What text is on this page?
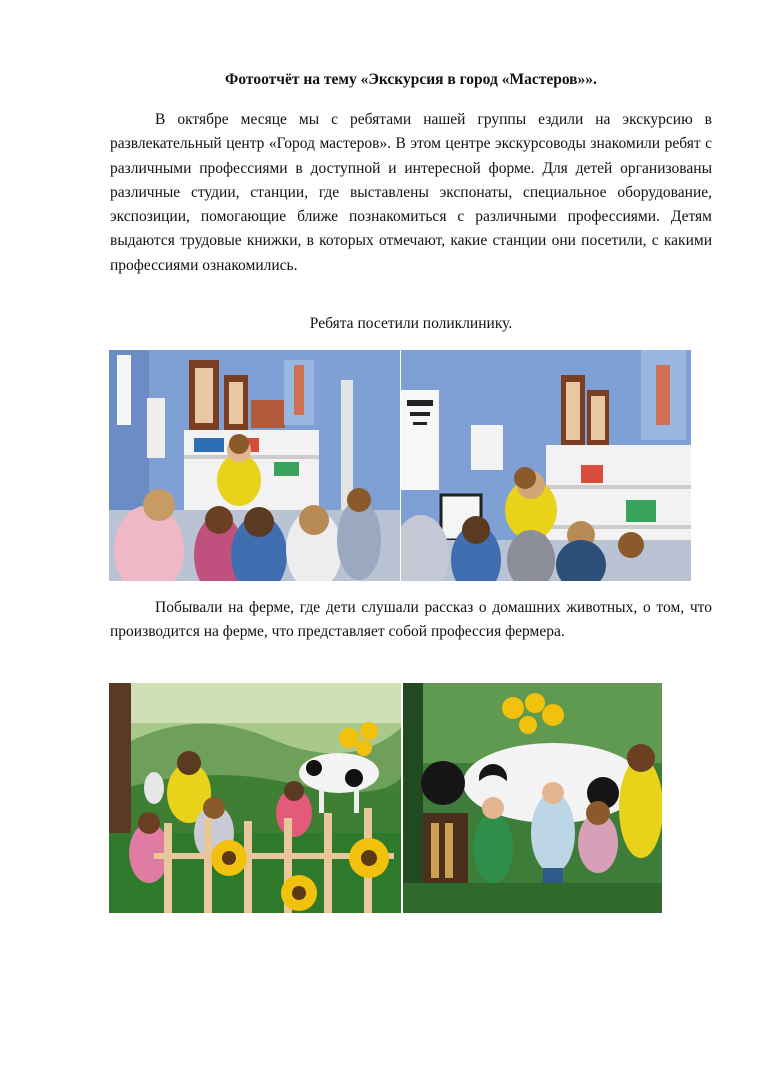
Фотоотчёт на тему «Экскурсия в город «Мастеров»».

В октябре месяце мы с ребятами нашей группы ездили на экскурсию в развлекательный центр «Город мастеров». В этом центре экскурсоводы знакомили ребят с различными профессиями в доступной и интересной форме. Для детей организованы различные студии, станции, где выставлены экспонаты, специальное оборудование, экспозиции, помогающие ближе познакомиться с различными профессиями. Детям выдаются трудовые книжки, в которых отмечают, какие станции они посетили, с какими профессиями ознакомились.

Ребята посетили поликлинику.

Побывали на ферме, где дети слушали рассказ о домашних животных, о том, что производится на ферме, что представляет собой профессия фермера.
